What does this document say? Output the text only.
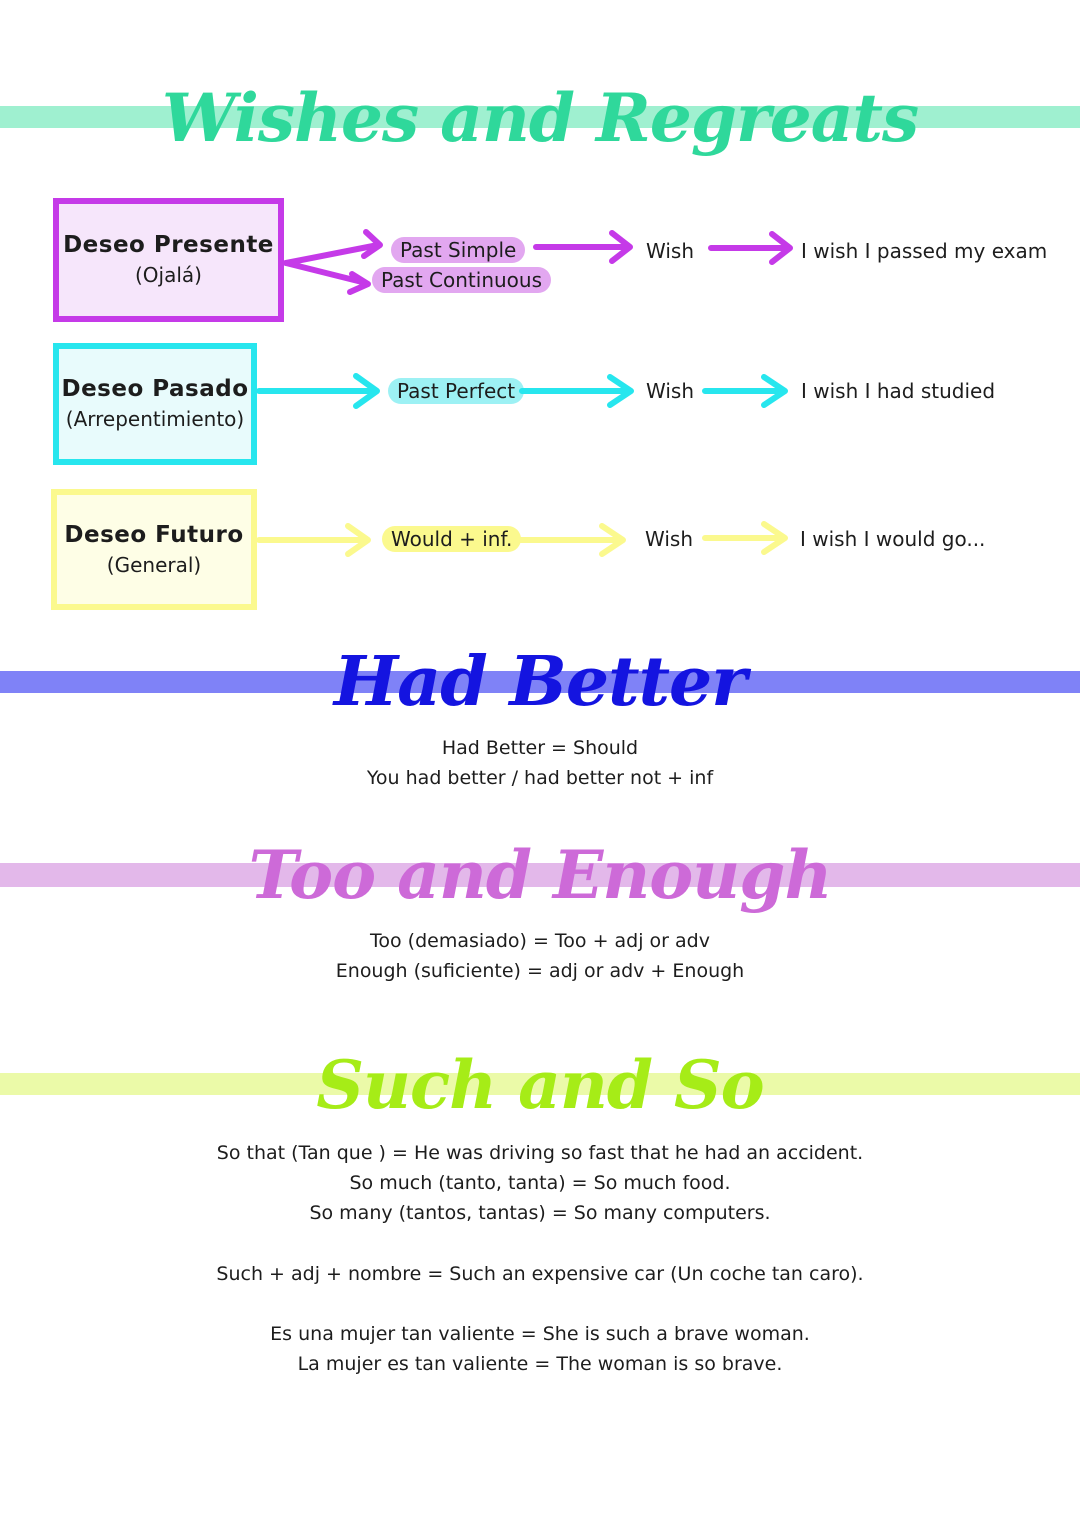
Wishes and Regreats
Deseo Presente
(Ojalá)
Past Simple
Past Continuous
Wish	I wish I passed my exam
Deseo Pasado
(Arrepentimiento)
Past Perfect	Wish	I wish I had studied
Deseo Futuro
(General)
Would + inf.	Wish	I wish I would go...
Had Better
Had Better = Should
You had better / had better not + inf
Too and Enough
Too (demasiado) = Too + adj or adv
Enough (suficiente) = adj or adv + Enough
Such and So
So that (Tan que ) = He was driving so fast that he had an accident.
So much (tanto, tanta) = So much food.
So many (tantos, tantas) = So many computers.
Such + adj + nombre = Such an expensive car (Un coche tan caro).
Es una mujer tan valiente = She is such a brave woman.
La mujer es tan valiente = The woman is so brave.
